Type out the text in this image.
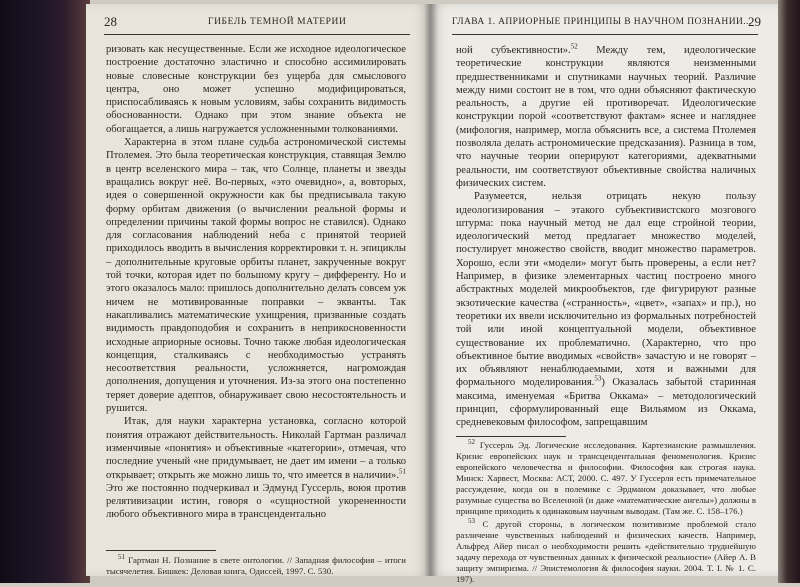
28	ГИБЕЛЬ ТЕМНОЙ МАТЕРИИ

ризовать как несущественные. Если же исходное идеологическое построение достаточно эластично и способно ассимилировать новые словесные конструкции без ущерба для смыслового центра, оно может успешно модифицироваться, приспосабливаясь к новым условиям, забы сохранить видимость обоснованности. Однако при этом знание объекта не обогащается, а лишь нагружается усложненными толкованиями.

Характерна в этом плане судьба астрономической системы Птолемея. Это была теоретическая конструкция, ставящая Землю в центр вселенского мира – так, что Солнце, планеты и звезды вращались вокруг неё. Во-первых, «это очевидно», а, вовторых, идея о совершенной окружности как бы предписывала такую форму орбитам движения (о вычислении реальной формы и определении причины такой формы вопрос не ставился). Однако для согласования наблюдений неба с принятой теорией приходилось вводить в вычисления корректировки т. н. эпициклы – дополнительные круговые орбиты планет, закрученные вокруг той точки, которая идет по большому кругу – дифференту. Но и этого оказалось мало: пришлось дополнительно делать совсем уж ничем не мотивированные поправки – экванты. Так накапливались математические ухищрения, призванные создать видимость правдоподобия и сохранить в неприкосновенности исходные априорные основы. Точно также любая идеологическая концепция, сталкиваясь с необходимостью устранять несоответствия реальности, усложняется, нагромождая дополнения, допущения и уточнения. Из-за этого она постепенно теряет доверие адептов, обнаруживает свою несостоятельность и рушится.

Итак, для науки характерна установка, согласно которой понятия отражают действительность. Николай Гартман различал изменчивые «понятия» и объективные «категории», отмечая, что последние ученый «не придумывает, не дает им имени – а только открывает; открыть же можно лишь то, что имеется в наличии».$^{51}$ Это же постоянно подчеркивал и Эдмунд Гуссерль, воюя против релятивизации истин, говоря о «сущностной укорененности любого объективного мира в трансцендентально

$^{51}$ Гартман Н. Познание в свете онтологии. // Западная философия – итоги тысячелетия. Бишкек: Деловая книга, Одиссей, 1997. С. 530.

ГЛАВА 1. АПРИОРНЫЕ ПРИНЦИПЫ В НАУЧНОМ ПОЗНАНИИ...
29

ной субъективности».$^{52}$ Между тем, идеологические теоретические конструкции являются неизменными предшественниками и спутниками научных теорий. Различие между ними состоит не в том, что одни объясняют фактическую реальность, а другие ей противоречат. Идеологические конструкции порой «соответствуют фактам» яснее и нагляднее (мифология, например, могла объяснить все, а система Птолемея позволяла делать астрономические предсказания). Разница в том, что научные теории оперируют категориями, адекватными реальности, им соответствуют объективные свойства наличных физических систем.

Разумеется, нельзя отрицать некую пользу идеологизирования – этакого субъективистского мозгового штурма: пока научный метод не дал еще стройной теории, идеологический метод предлагает множество моделей, постулирует множество свойств, вводит множество параметров. Хорошо, если эти «модели» могут быть проверены, а если нет? Например, в физике элементарных частиц построено много абстрактных моделей микрообъектов, где фигурируют разные экзотические качества («странность», «цвет», «запах» и пр.), но теоретики их ввели исключительно из формальных потребностей той или иной концептуальной модели, объективное существование их проблематично. (Характерно, что про объективное бытие вводимых «свойств» зачастую и не говорят – их объявляют ненаблюдаемыми, хотя и важными для формального моделирования.$^{53}$) Оказалась забытой старинная максима, именуемая «Бритва Оккама» – методологический принцип, сформулированный еще Вильямом из Оккама, средневековым философом, запрещавшим

$^{52}$ Гуссерль Эд. Логические исследования. Картезианские размышления. Кризис европейских наук и трансцендентальная феноменология. Кризис европейского человечества и философии. Философия как строгая наука. Минск: Харвест, Москва: АСТ, 2000. С. 497. У Гуссерля есть примечательное рассуждение, когда он в полемике с Эрдманом доказывает, что любые разумные существа во Вселенной (и даже «математические ангелы») должны в принципе приходить к одинаковым научным выводам. (Там же. С. 158–176.)

$^{53}$ С другой стороны, в логическом позитивизме проблемой стало различение чувственных наблюдений и физических качеств. Например, Альфред Айер писал о необходимости решить «действительно труднейшую задачу перехода от чувственных данных к физической реальности» (Айер А. В защиту эмпиризма. // Эпистемология & философия науки. 2004. Т. I. № 1. С. 197).
